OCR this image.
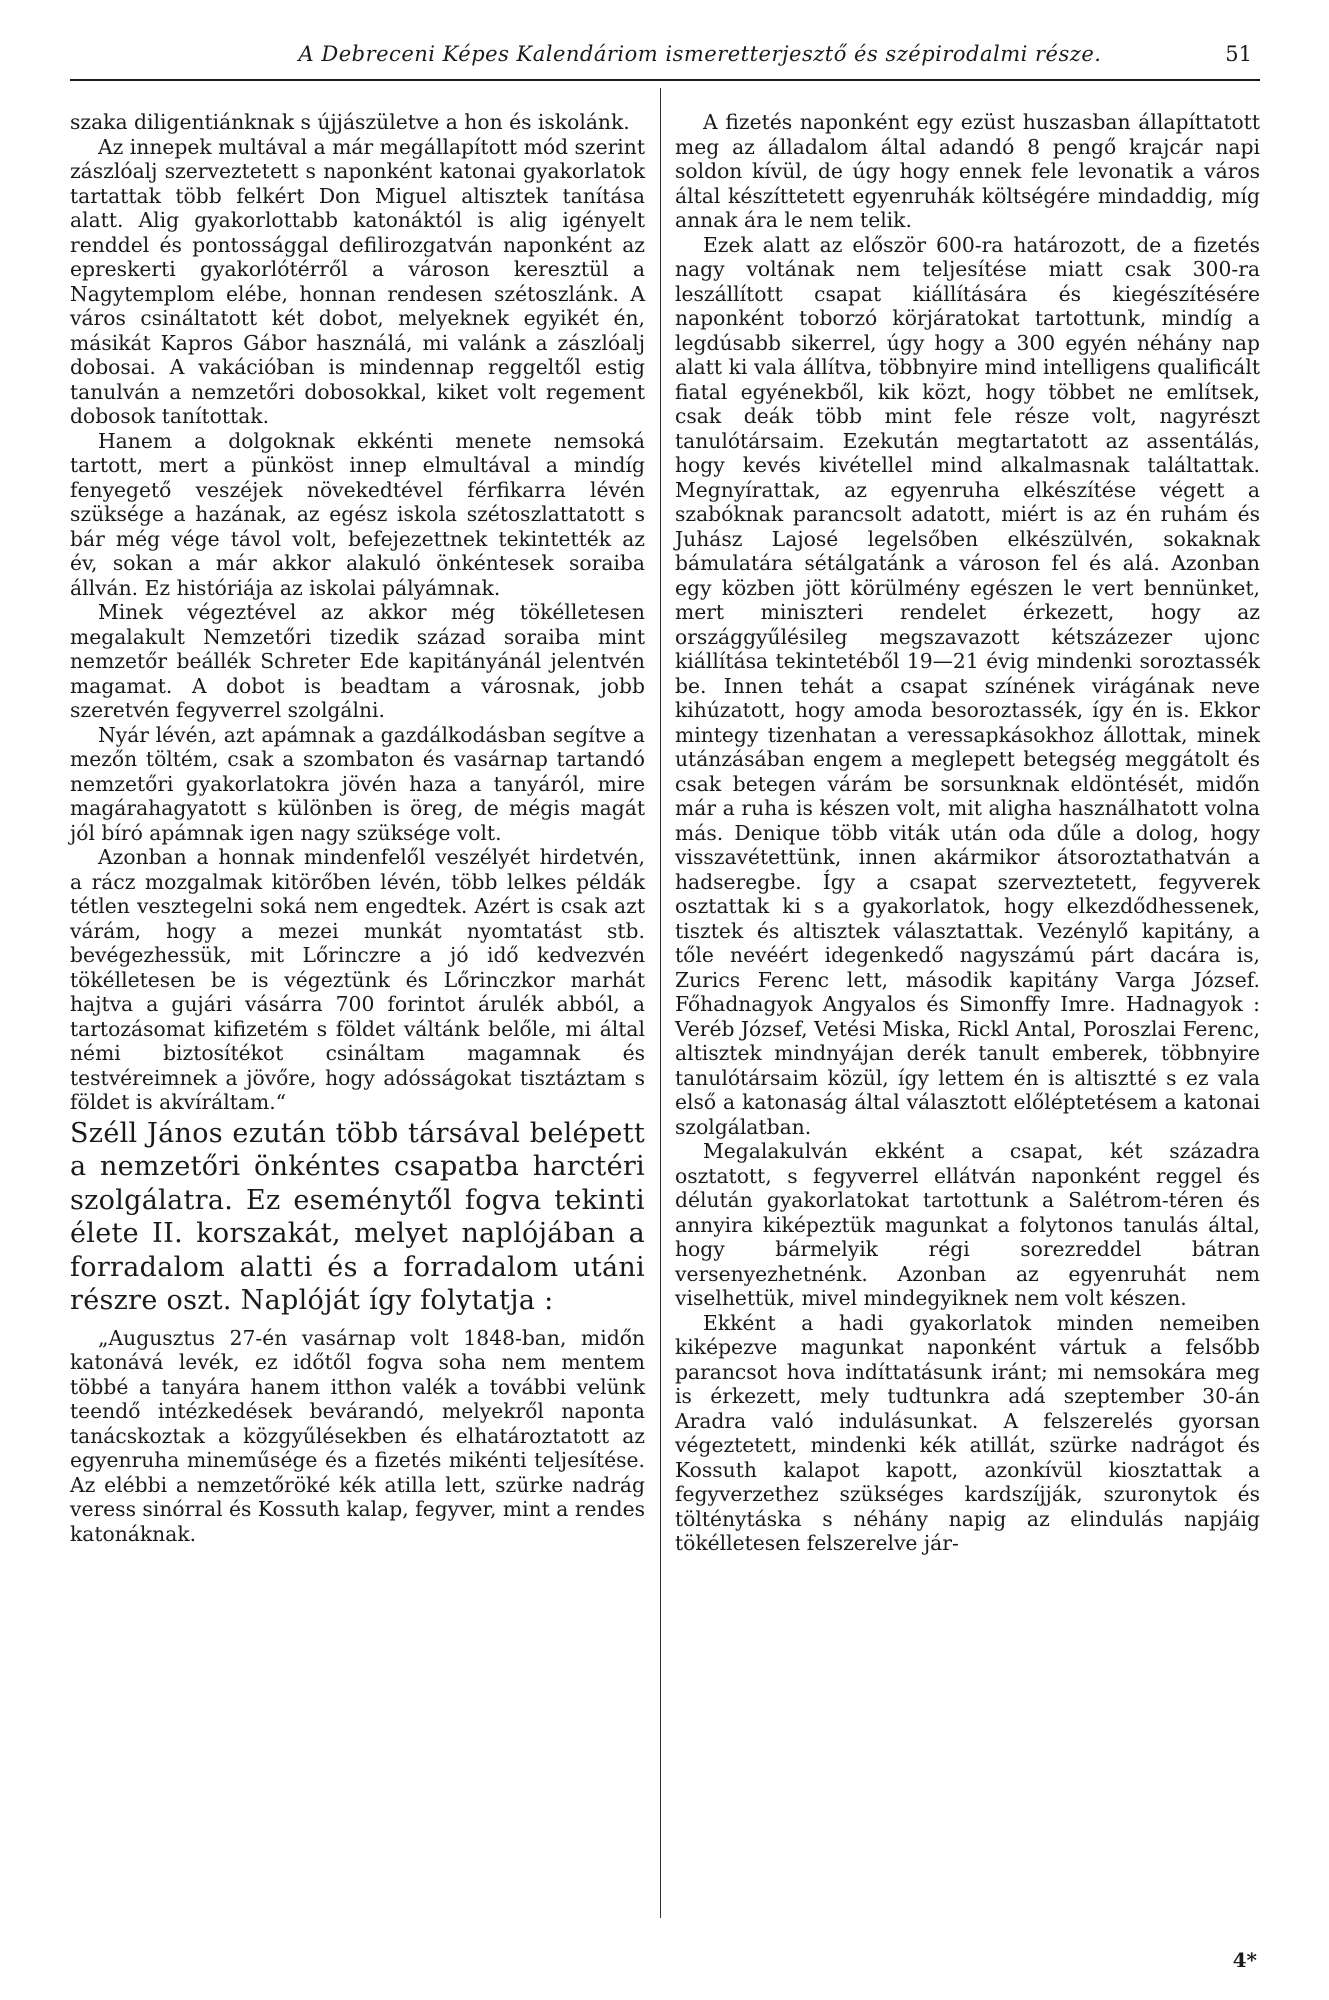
A Debreceni Képes Kalendáriom ismeretterjesztő és szépirodalmi része.	51

szaka diligentiánknak s újjászületve a hon és iskolánk.

Az innepek multával a már megállapított mód szerint zászlóalj szerveztetett s naponként katonai gyakorlatok tartattak több felkért Don Miguel altisztek tanítása alatt. Alig gyakorlottabb katonáktól is alig igényelt renddel és pontossággal defilirozgatván naponként az epreskerti gyakorlótérről a városon keresztül a Nagytemplom elébe, honnan rendesen szétoszlánk. A város csináltatott két dobot, melyeknek egyikét én, másikát Kapros Gábor használá, mi valánk a zászlóalj dobosai. A vakációban is mindennap reggeltől estig tanulván a nemzetőri dobosokkal, kiket volt regement dobosok tanítottak.

Hanem a dolgoknak ekkénti menete nemsoká tartott, mert a pünköst innep elmultával a mindíg fenyegető veszéjek növekedtével férfikarra lévén szüksége a hazának, az egész iskola szétoszlattatott s bár még vége távol volt, befejezettnek tekintették az év, sokan a már akkor alakuló önkéntesek soraiba állván. Ez históriája az iskolai pályámnak.

Minek végeztével az akkor még tökélletesen megalakult Nemzetőri tizedik század soraiba mint nemzetőr beállék Schreter Ede kapitányánál jelentvén magamat. A dobot is beadtam a városnak, jobb szeretvén fegyverrel szolgálni.

Nyár lévén, azt apámnak a gazdálkodásban segítve a mezőn töltém, csak a szombaton és vasárnap tartandó nemzetőri gyakorlatokra jövén haza a tanyáról, mire magárahagyatott s különben is öreg, de mégis magát jól bíró apámnak igen nagy szüksége volt.

Azonban a honnak mindenfelől veszélyét hirdetvén, a rácz mozgalmak kitörőben lévén, több lelkes példák tétlen vesztegelni soká nem engedtek. Azért is csak azt várám, hogy a mezei munkát nyomtatást stb. bevégezhessük, mit Lőrinczre a jó idő kedvezvén tökélletesen be is végeztünk és Lőrinczkor marhát hajtva a gujári vásárra 700 forintot árulék abból, a tartozásomat kifizetém s földet váltánk belőle, mi által némi biztosítékot csináltam magamnak és testvéreimnek a jövőre, hogy adósságokat tisztáztam s földet is akvíráltam.“

Széll János ezután több társával belépett a nemzetőri önkéntes csapatba harctéri szolgálatra. Ez eseménytől fogva tekinti élete II. korszakát, melyet naplójában a forradalom alatti és a forradalom utáni részre oszt. Naplóját így folytatja :

„Augusztus 27-én vasárnap volt 1848-ban, midőn katonává levék, ez időtől fogva soha nem mentem többé a tanyára hanem itthon valék a további velünk teendő intézkedések bevárandó, melyekről naponta tanácskoztak a közgyűlésekben és elhatároztatott az egyenruha mineműsége és a fizetés mikénti teljesítése. Az elébbi a nemzetőröké kék atilla lett, szürke nadrág veress sinórral és Kossuth kalap, fegyver, mint a rendes katonáknak.

A fizetés naponként egy ezüst huszasban állapíttatott meg az álladalom által adandó 8 pengő krajcár napi soldon kívül, de úgy hogy ennek fele levonatik a város által készíttetett egyenruhák költségére mindaddig, míg annak ára le nem telik.

Ezek alatt az először 600-ra határozott, de a fizetés nagy voltának nem teljesítése miatt csak 300-ra leszállított csapat kiállítására és kiegészítésére naponként toborzó körjáratokat tartottunk, mindíg a legdúsabb sikerrel, úgy hogy a 300 egyén néhány nap alatt ki vala állítva, többnyire mind intelligens qualificált fiatal egyénekből, kik közt, hogy többet ne említsek, csak deák több mint fele része volt, nagyrészt tanulótársaim. Ezekután megtartatott az assentálás, hogy kevés kivétellel mind alkalmasnak találtattak. Megnyírattak, az egyenruha elkészítése végett a szabóknak parancsolt adatott, miért is az én ruhám és Juhász Lajosé legelsőben elkészülvén, sokaknak bámulatára sétálgatánk a városon fel és alá. Azonban egy közben jött körülmény egészen le vert bennünket, mert miniszteri rendelet érkezett, hogy az országgyűlésileg megszavazott kétszázezer ujonc kiállítása tekintetéből 19—21 évig mindenki soroztassék be. Innen tehát a csapat színének virágának neve kihúzatott, hogy amoda besoroztassék, így én is. Ekkor mintegy tizenhatan a veressapkásokhoz állottak, minek utánzásában engem a meglepett betegség meggátolt és csak betegen várám be sorsunknak eldöntését, midőn már a ruha is készen volt, mit aligha használhatott volna más. Denique több viták után oda dűle a dolog, hogy visszavétettünk, innen akármikor átsoroztathatván a hadseregbe. Így a csapat szerveztetett, fegyverek osztattak ki s a gyakorlatok, hogy elkezdődhessenek, tisztek és altisztek választattak. Vezénylő kapitány, a tőle nevéért idegenkedő nagyszámú párt dacára is, Zurics Ferenc lett, második kapitány Varga József. Főhadnagyok Angyalos és Simonffy Imre. Hadnagyok : Veréb József, Vetési Miska, Rickl Antal, Poroszlai Ferenc, altisztek mindnyájan derék tanult emberek, többnyire tanulótársaim közül, így lettem én is altisztté s ez vala első a katonaság által választott előléptetésem a katonai szolgálatban.

Megalakulván ekként a csapat, két századra osztatott, s fegyverrel ellátván naponként reggel és délután gyakorlatokat tartottunk a Salétrom-téren és annyira kiképeztük magunkat a folytonos tanulás által, hogy bármelyik régi sorezreddel bátran versenyezhetnénk. Azonban az egyenruhát nem viselhettük, mivel mindegyiknek nem volt készen.

Ekként a hadi gyakorlatok minden nemeiben kiképezve magunkat naponként vártuk a felsőbb parancsot hova indíttatásunk iránt; mi nemsokára meg is érkezett, mely tudtunkra adá szeptember 30-án Aradra való indulásunkat. A felszerelés gyorsan végeztetett, mindenki kék atillát, szürke nadrágot és Kossuth kalapot kapott, azonkívül kiosztattak a fegyverzethez szükséges kardszíjják, szuronytok és tölténytáska s néhány napig az elindulás napjáig tökélletesen felszerelve jár-

4*
